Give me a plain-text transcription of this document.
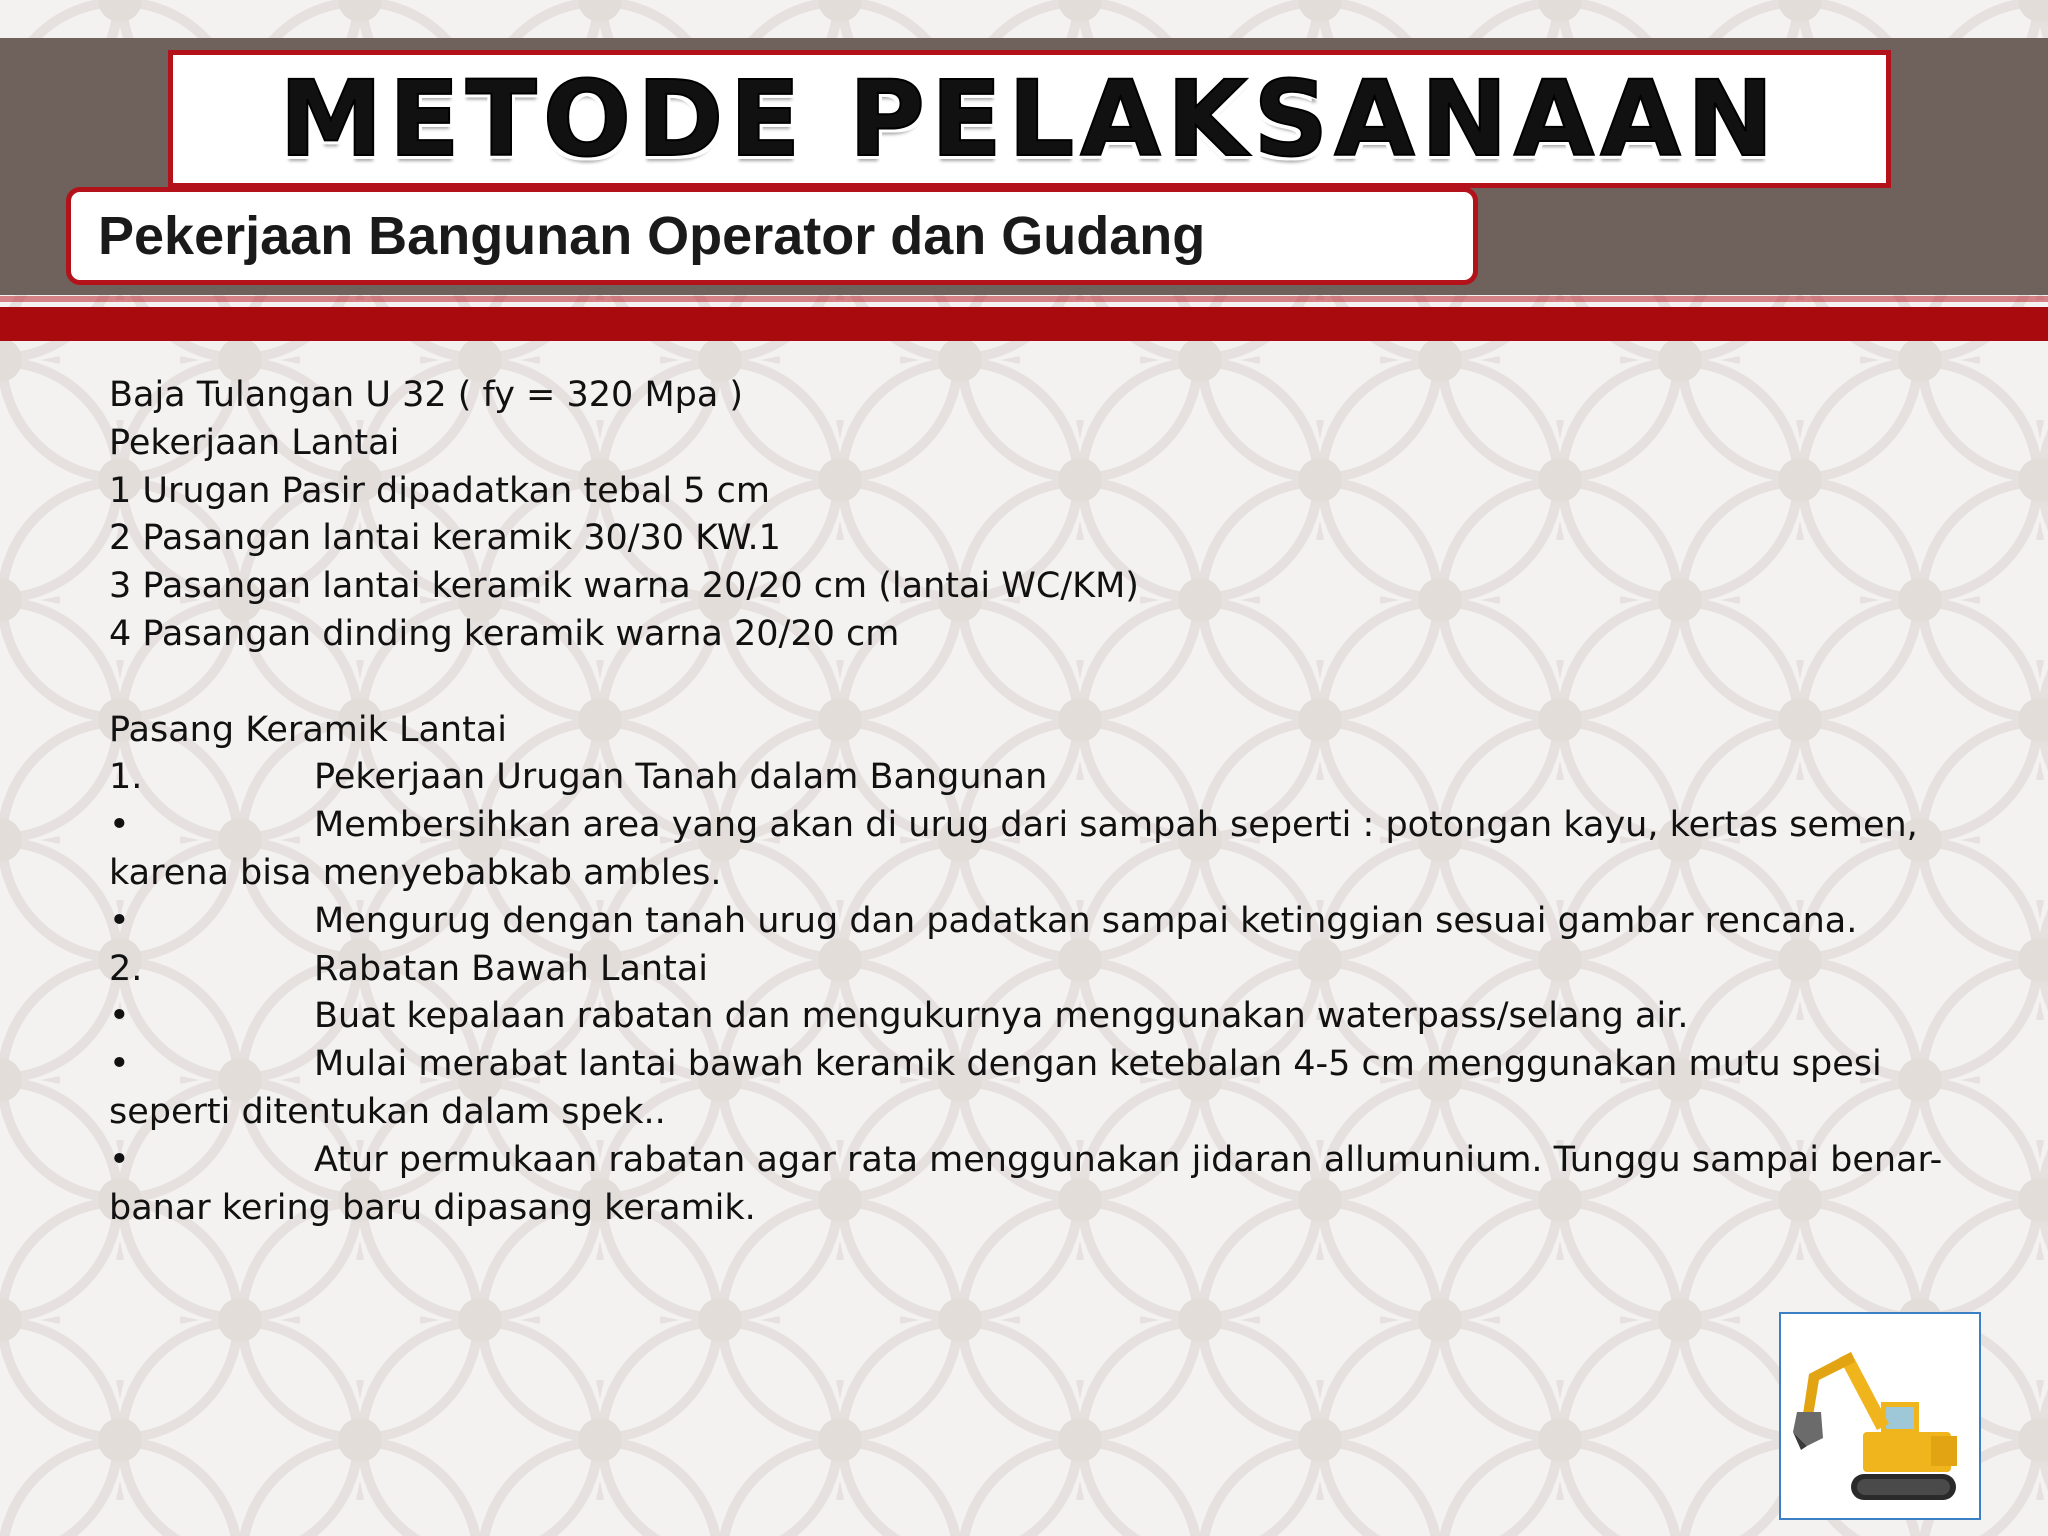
METODE PELAKSANAAN
Pekerjaan Bangunan Operator dan Gudang
Baja Tulangan U 32 ( fy = 320 Mpa )
Pekerjaan Lantai
1 Urugan Pasir dipadatkan tebal 5 cm
2 Pasangan lantai keramik 30/30 KW.1
3 Pasangan lantai keramik warna 20/20 cm (lantai WC/KM)
4 Pasangan dinding keramik warna 20/20 cm
Pasang Keramik Lantai
1.	Pekerjaan Urugan Tanah dalam Bangunan
•	Membersihkan area yang akan di urug dari sampah seperti : potongan kayu, kertas semen, karena bisa menyebabkab ambles.
•	Mengurug dengan tanah urug dan padatkan sampai ketinggian sesuai gambar rencana.
2.	Rabatan Bawah Lantai
•	Buat kepalaan rabatan dan mengukurnya menggunakan waterpass/selang air.
•	Mulai merabat lantai bawah keramik dengan ketebalan 4-5 cm menggunakan mutu spesi seperti ditentukan dalam spek..
•	Atur permukaan rabatan agar rata menggunakan jidaran allumunium. Tunggu sampai benar-banar kering baru dipasang keramik.
